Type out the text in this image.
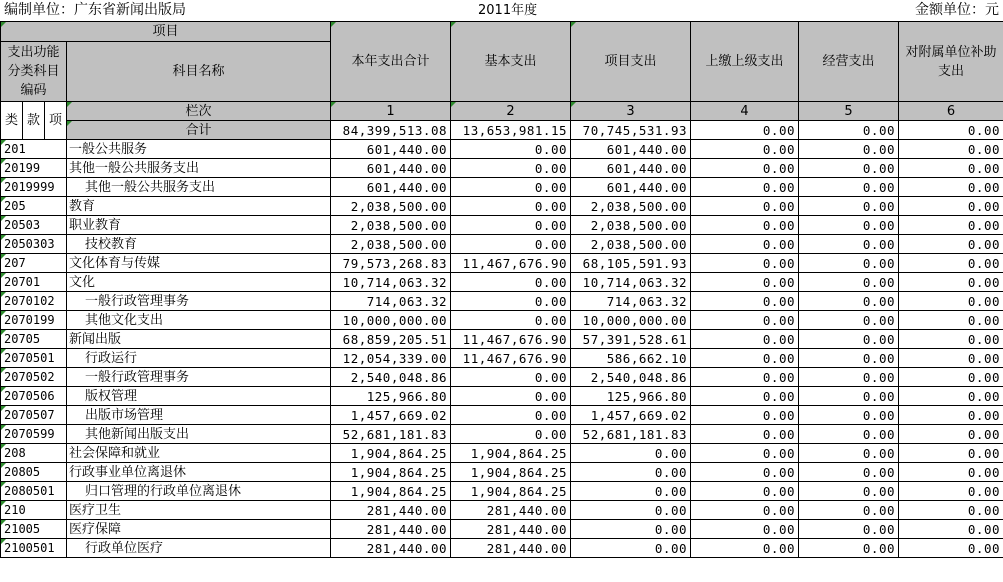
编制单位：广东省新闻出版局	2011年度	金额单位：元
项目				本年支出合计	基本支出	项目支出	上缴上级支出	经营支出	对附属单位补助支出
支出功能分类科目编码			科目名称						

类	款	项	栏次	1	2	3	4	5	6
			合计	84,399,513.08	13,653,981.15	70,745,531.93	0.00	0.00	0.00
201			一般公共服务	601,440.00	0.00	601,440.00	0.00	0.00	0.00
20199			其他一般公共服务支出	601,440.00	0.00	601,440.00	0.00	0.00	0.00
2019999			其他一般公共服务支出	601,440.00	0.00	601,440.00	0.00	0.00	0.00
205			教育	2,038,500.00	0.00	2,038,500.00	0.00	0.00	0.00
20503			职业教育	2,038,500.00	0.00	2,038,500.00	0.00	0.00	0.00
2050303			技校教育	2,038,500.00	0.00	2,038,500.00	0.00	0.00	0.00
207			文化体育与传媒	79,573,268.83	11,467,676.90	68,105,591.93	0.00	0.00	0.00
20701			文化	10,714,063.32	0.00	10,714,063.32	0.00	0.00	0.00
2070102			一般行政管理事务	714,063.32	0.00	714,063.32	0.00	0.00	0.00
2070199			其他文化支出	10,000,000.00	0.00	10,000,000.00	0.00	0.00	0.00
20705			新闻出版	68,859,205.51	11,467,676.90	57,391,528.61	0.00	0.00	0.00
2070501			行政运行	12,054,339.00	11,467,676.90	586,662.10	0.00	0.00	0.00
2070502			一般行政管理事务	2,540,048.86	0.00	2,540,048.86	0.00	0.00	0.00
2070506			版权管理	125,966.80	0.00	125,966.80	0.00	0.00	0.00
2070507			出版市场管理	1,457,669.02	0.00	1,457,669.02	0.00	0.00	0.00
2070599			其他新闻出版支出	52,681,181.83	0.00	52,681,181.83	0.00	0.00	0.00
208			社会保障和就业	1,904,864.25	1,904,864.25	0.00	0.00	0.00	0.00
20805			行政事业单位离退休	1,904,864.25	1,904,864.25	0.00	0.00	0.00	0.00
2080501			归口管理的行政单位离退休	1,904,864.25	1,904,864.25	0.00	0.00	0.00	0.00
210			医疗卫生	281,440.00	281,440.00	0.00	0.00	0.00	0.00
21005			医疗保障	281,440.00	281,440.00	0.00	0.00	0.00	0.00
2100501			行政单位医疗	281,440.00	281,440.00	0.00	0.00	0.00	0.00
